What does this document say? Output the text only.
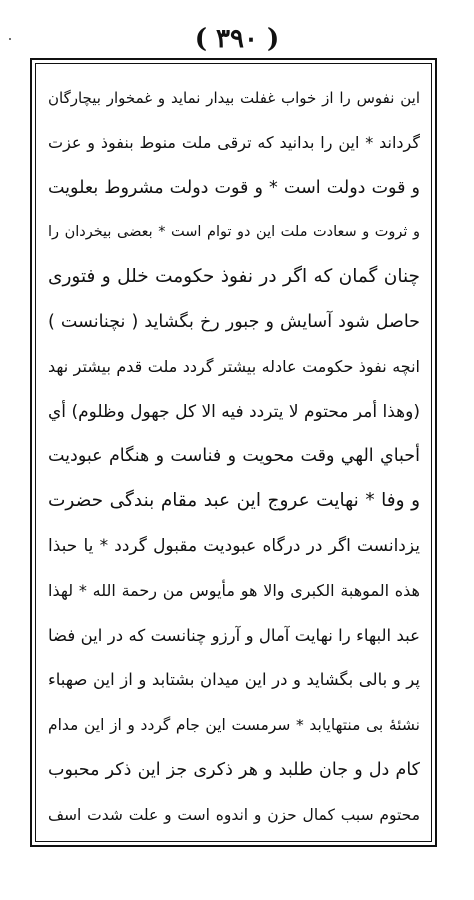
( ۳۹۰ )
این نفوس را از خواب غفلت بیدار نماید و غمخوار بیچارگان
گرداند * این را بدانید که ترقی ملت منوط بنفوذ و عزت
و قوت دولت است * و قوت دولت مشروط بعلویت
و ثروت و سعادت ملت این دو توام است * بعضی بیخردان را
چنان گمان که اگر در نفوذ حکومت خلل و فتوری
حاصل شود آسایش و جبور رخ بگشاید ( نچنانست )
انچه نفوذ حکومت عادله بیشتر گردد ملت قدم بیشتر نهد
(وهذا أمر محتوم لا يتردد فيه الا كل جهول وظلوم) أي
أحباي الهي وقت محويت و فناست و هنگام عبوديت
و وفا * نهایت عروج این عبد مقام بندگی حضرت
یزدانست اگر در درگاه عبودیت مقبول گردد * یا حبذا
هذه الموهبة الكبرى والا هو مأيوس من رحمة الله * لهذا
عبد البهاء را نهایت آمال و آرزو چنانست که در این فضا
پر و بالی بگشاید و در این میدان بشتابد و از این صهباء
نشئهٔ بی منتهایابد * سرمست این جام گردد و از این مدام
کام دل و جان طلبد و هر ذکری جز این ذکر محبوب
محتوم سبب کمال حزن و اندوه است و علت شدت اسف
